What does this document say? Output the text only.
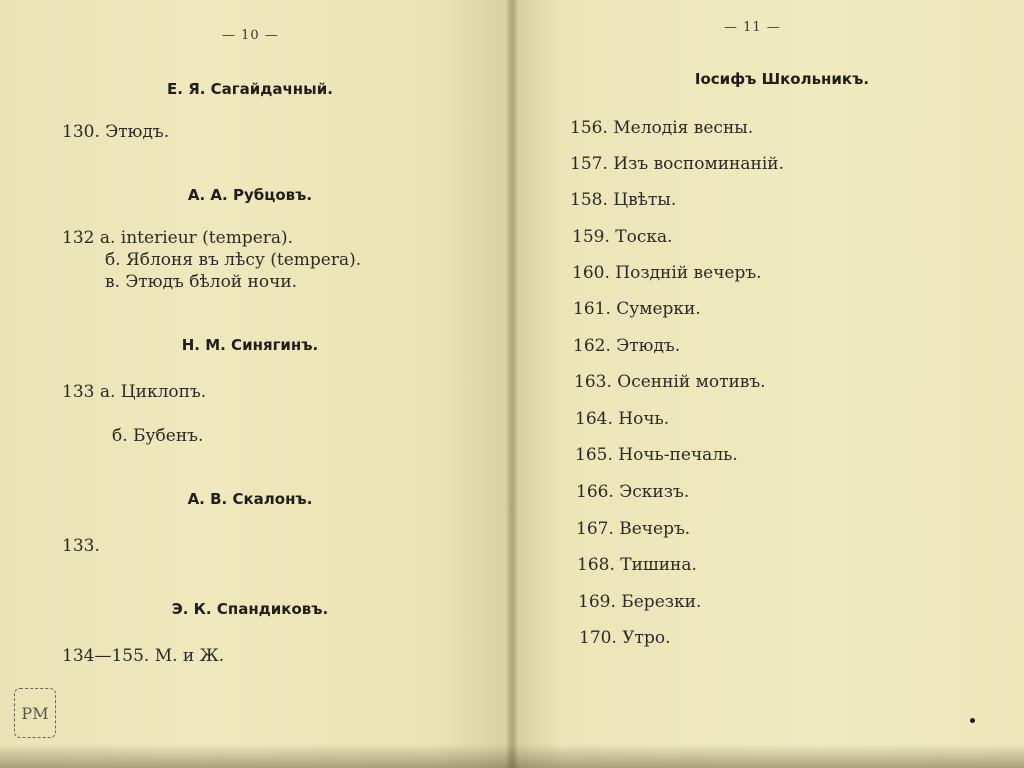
— 10 —
Е. Я. Сагайдачный.
130. Этюдъ.
А. А. Рубцовъ.
132 а. interieur (tempera).
б. Яблоня въ лѣсу (tempera).
в. Этюдъ бѣлой ночи.
Н. М. Синягинъ.
133 а. Циклопъ.
б. Бубенъ.
А. В. Скалонъ.
133.
Э. К. Спандиковъ.
134—155. М. и Ж.
РМ
— 11 —
Іосифъ Школьникъ.
156. Мелодія весны.
157. Изъ воспоминаній.
158. Цвѣты.
159. Тоска.
160. Поздній вечеръ.
161. Сумерки.
162. Этюдъ.
163. Осенній мотивъ.
164. Ночь.
165. Ночь-печаль.
166. Эскизъ.
167. Вечеръ.
168. Тишина.
169. Березки.
170. Утро.
